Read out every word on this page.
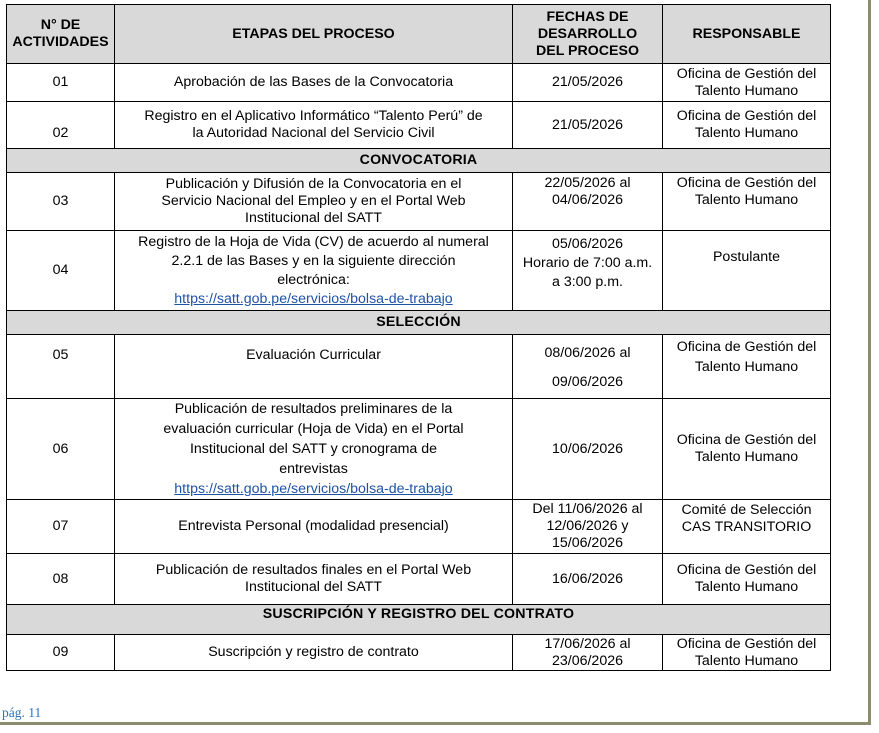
N° DE
ACTIVIDADES	ETAPAS DEL PROCESO	FECHAS DE
DESARROLLO
DEL PROCESO	RESPONSABLE
01	Aprobación de las Bases de la Convocatoria	21/05/2026	Oficina de Gestión del
Talento Humano
02	Registro en el Aplicativo Informático “Talento Perú” de
la Autoridad Nacional del Servicio Civil	21/05/2026	Oficina de Gestión del
Talento Humano
CONVOCATORIA			
03	Publicación y Difusión de la Convocatoria en el
Servicio Nacional del Empleo y en el Portal Web
Institucional del SATT	22/05/2026 al
04/06/2026	Oficina de Gestión del
Talento Humano
04	Registro de la Hoja de Vida (CV) de acuerdo al numeral
2.2.1 de las Bases y en la siguiente dirección
electrónica:
https://satt.gob.pe/servicios/bolsa-de-trabajo	05/06/2026
Horario de 7:00 a.m.
a 3:00 p.m.	Postulante
SELECCIÓN			
05	Evaluación Curricular	08/06/2026 al
09/06/2026	Oficina de Gestión del
Talento Humano
06	Publicación de resultados preliminares de la
evaluación curricular (Hoja de Vida) en el Portal
Institucional del SATT y cronograma de
entrevistas
https://satt.gob.pe/servicios/bolsa-de-trabajo	10/06/2026	Oficina de Gestión del
Talento Humano
07	Entrevista Personal (modalidad presencial)	Del 11/06/2026 al
12/06/2026 y
15/06/2026	Comité de Selección
CAS TRANSITORIO
08	Publicación de resultados finales en el Portal Web
Institucional del SATT	16/06/2026	Oficina de Gestión del
Talento Humano
SUSCRIPCIÓN Y REGISTRO DEL CONTRATO			
09	Suscripción y registro de contrato	17/06/2026 al
23/06/2026	Oficina de Gestión del
Talento Humano
pág. 11
